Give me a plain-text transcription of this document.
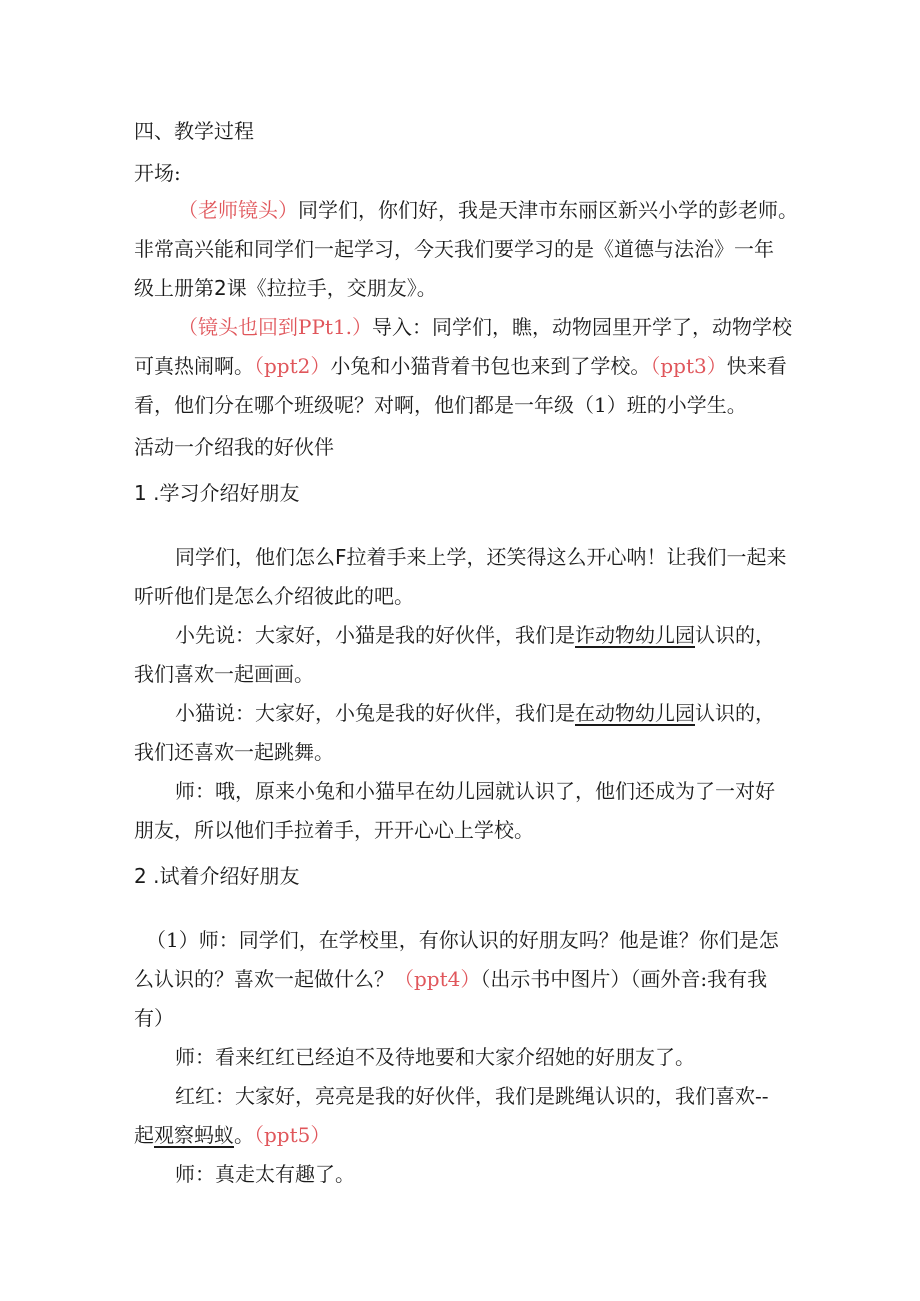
四、教学过程
开场:
（老师镜头）同学们，你们好，我是天津市东丽区新兴小学的彭老师。
非常高兴能和同学们一起学习，今天我们要学习的是《道德与法治》一年
级上册第2课《拉拉手，交朋友》。
（镜头也回到PPt1.）导入：同学们，瞧，动物园里开学了，动物学校
可真热闹啊。（ppt2）小兔和小猫背着书包也来到了学校。（ppt3）快来看
看，他们分在哪个班级呢？对啊，他们都是一年级（1）班的小学生。
活动一介绍我的好伙伴
1 .学习介绍好朋友
同学们，他们怎么F拉着手来上学，还笑得这么开心呐！让我们一起来
听听他们是怎么介绍彼此的吧。
小先说：大家好，小猫是我的好伙伴，我们是诈动物幼儿园认识的，
我们喜欢一起画画。
小猫说：大家好，小兔是我的好伙伴，我们是在动物幼儿园认识的，
我们还喜欢一起跳舞。
师：哦，原来小兔和小猫早在幼儿园就认识了，他们还成为了一对好
朋友，所以他们手拉着手，开开心心上学校。
2 .试着介绍好朋友
（1）师：同学们，在学校里，有你认识的好朋友吗？他是谁？你们是怎
么认识的？喜欢一起做什么？（ppt4）（出示书中图片）（画外音:我有我
有）
师：看来红红已经迫不及待地要和大家介绍她的好朋友了。
红红：大家好，亮亮是我的好伙伴，我们是跳绳认识的，我们喜欢--
起观察蚂蚁。（ppt5）
师：真走太有趣了。
